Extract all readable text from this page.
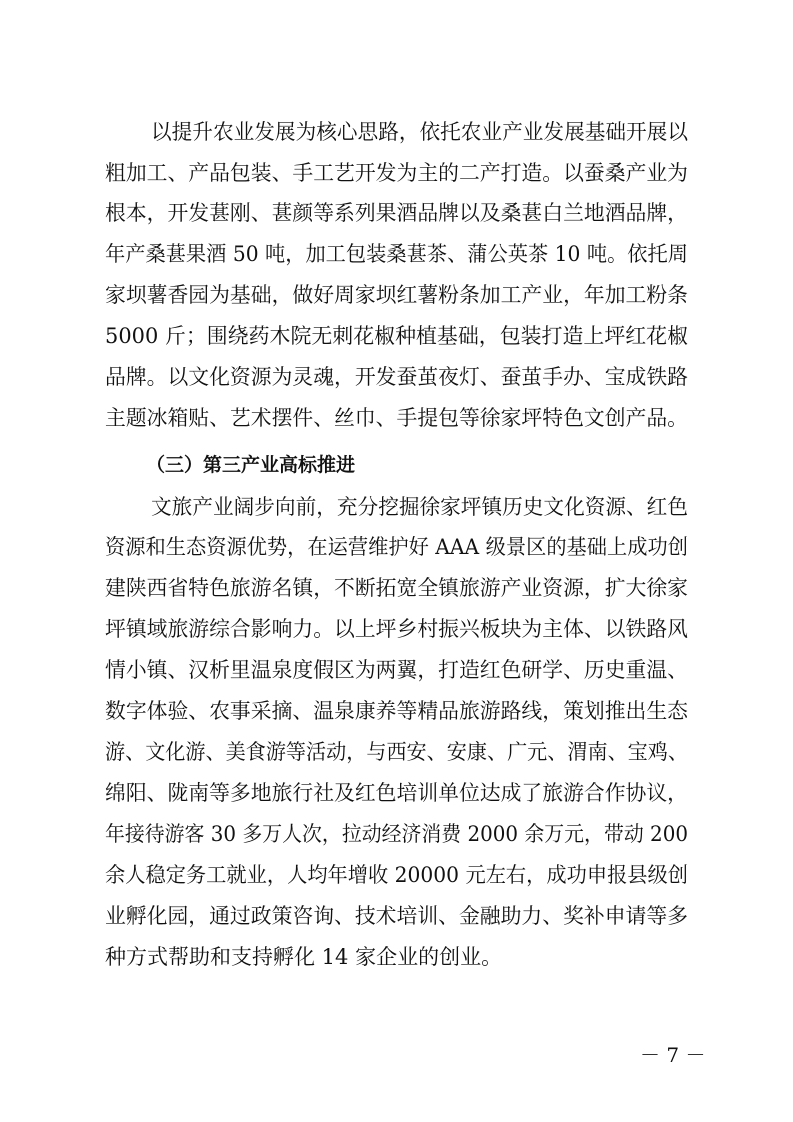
以提升农业发展为核心思路，依托农业产业发展基础开展以
粗加工、产品包装、手工艺开发为主的二产打造。以蚕桑产业为
根本，开发葚刚、葚颜等系列果酒品牌以及桑葚白兰地酒品牌，
年产桑葚果酒 50 吨，加工包装桑葚茶、蒲公英茶 10 吨。依托周
家坝薯香园为基础，做好周家坝红薯粉条加工产业，年加工粉条
5000 斤；围绕药木院无刺花椒种植基础，包装打造上坪红花椒
品牌。以文化资源为灵魂，开发蚕茧夜灯、蚕茧手办、宝成铁路
主题冰箱贴、艺术摆件、丝巾、手提包等徐家坪特色文创产品。
（三）第三产业高标推进
文旅产业阔步向前，充分挖掘徐家坪镇历史文化资源、红色
资源和生态资源优势，在运营维护好 AAA 级景区的基础上成功创
建陕西省特色旅游名镇，不断拓宽全镇旅游产业资源，扩大徐家
坪镇域旅游综合影响力。以上坪乡村振兴板块为主体、以铁路风
情小镇、汉析里温泉度假区为两翼，打造红色研学、历史重温、
数字体验、农事采摘、温泉康养等精品旅游路线，策划推出生态
游、文化游、美食游等活动，与西安、安康、广元、渭南、宝鸡、
绵阳、陇南等多地旅行社及红色培训单位达成了旅游合作协议，
年接待游客 30 多万人次，拉动经济消费 2000 余万元，带动 200
余人稳定务工就业，人均年增收 20000 元左右，成功申报县级创
业孵化园，通过政策咨询、技术培训、金融助力、奖补申请等多
种方式帮助和支持孵化 14 家企业的创业。
－ 7 －
